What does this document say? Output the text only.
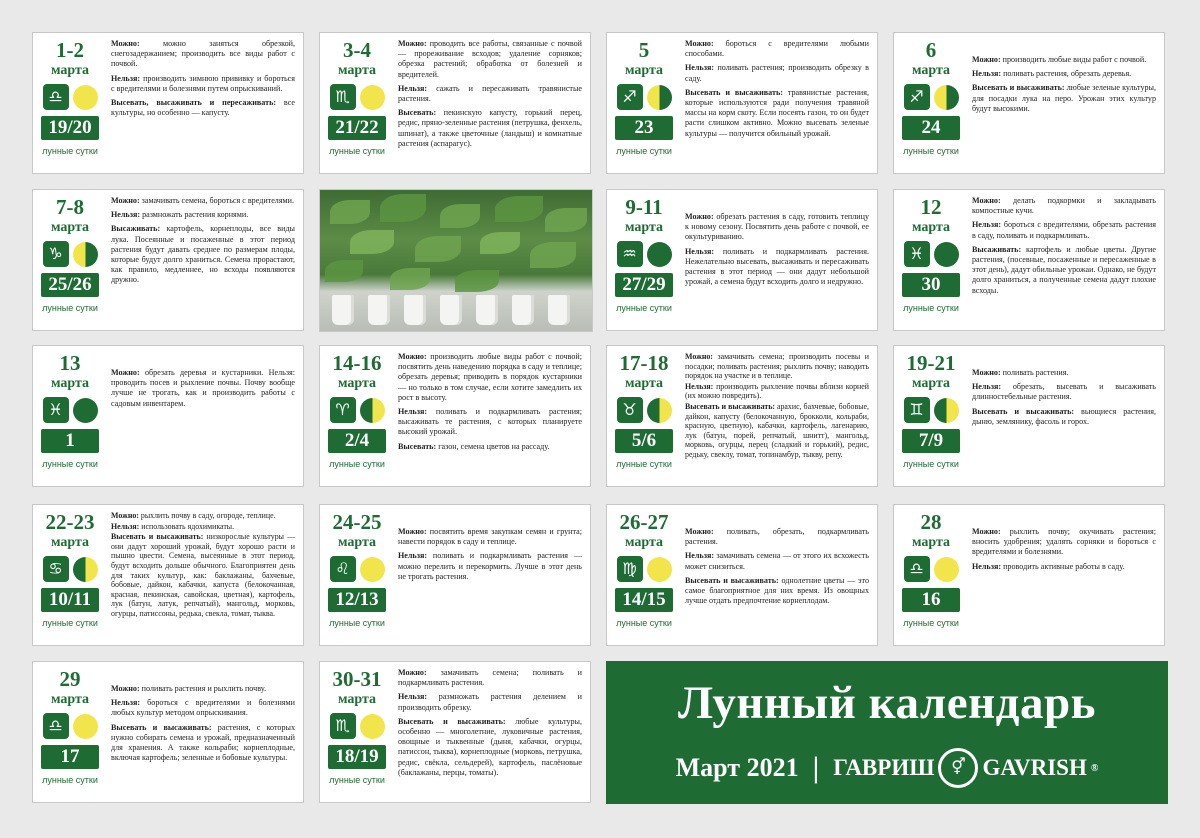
1-2
марта
♎
19/20
лунные сутки

Можно: можно заняться обрезкой, снегозадержанием; производить все виды работ с почвой.

Нельзя: производить зимнюю прививку и бороться с вредителями и болезнями путем опрыскиваний.

Высевать, высаживать и пересаживать: все культуры, но особенно — капусту.

3-4
марта
♏
21/22
лунные сутки

Можно: проводить все работы, связанные с почвой — прореживание всходов; удаление сорняков; обрезка растений; обработка от болезней и вредителей.

Нельзя: сажать и пересаживать травянистые растения.

Высевать: пекинскую капусту, горький перец, редис, пряно-зеленные растения (петрушка, фенхель, шпинат), а также цветочные (ландыш) и комнатные растения (аспарагус).

5
марта
♐
23
лунные сутки

Можно: бороться с вредителями любыми способами.

Нельзя: поливать растения; производить обрезку в саду.

Высевать и высаживать: травянистые растения, которые используются ради получения травяной массы на корм скоту. Если посеять газон, то он будет расти слишком активно. Можно высевать зеленые культуры — получится обильный урожай.

6
марта
♐
24
лунные сутки

Можно: производить любые виды работ с почвой.

Нельзя: поливать растения, обрезать деревья.

Высевать и высаживать: любые зеленые культуры, для посадки лука на перо. Урожан этих культур будут высокими.

7-8
марта
♑
25/26
лунные сутки

Можно: замачивать семена, бороться с вредителями.

Нельзя: размножать растения корнями.

Высаживать: картофель, корнеплоды, все виды лука. Посеянные и посаженные в этот период растения будут давать среднее по размерам плоды, которые будут долго храниться. Семена прорастают, как правило, медленнее, но всходы появляются дружно.

9-11
марта
♒
27/29
лунные сутки

Можно: обрезать растения в саду, готовить теплицу к новому сезону. Посвятить день работе с почвой, ее окультуриванию.

Нельзя: поливать и подкармливать растения. Нежелательно высевать, высаживать и пересаживать растения в этот период — они дадут небольшой урожай, а семена будут всходить долго и недружно.

12
марта
♓
30
лунные сутки

Можно: делать подкормки и закладывать компостные кучи.

Нельзя: бороться с вредителями, обрезать растения в саду, поливать и подкармливать.

Высаживать: картофель и любые цветы. Другие растения, (посевные, посаженные и пересаженные в этот день), дадут обильные урожаи. Однако, не будут долго храниться, а полученные семена дадут плохие всходы.

13
марта
♓
1
лунные сутки

Можно: обрезать деревья и кустарники. Нельзя: проводить посев и рыхление почвы. Почву вообще лучше не трогать, как и производить работы с садовым инвентарем.

14-16
марта
♈
2/4
лунные сутки

Можно: производить любые виды работ с почвой; посвятить день наведению порядка в саду и теплице; обрезать деревья; приводить в порядок кустарники — но только в том случае, если хотите замедлить их рост в высоту.

Нельзя: поливать и подкармливать растения; высаживать те растения, с которых планируете высокий урожай.

Высевать: газон, семена цветов на рассаду.

17-18
марта
♉
5/6
лунные сутки

Можно: замачивать семена; производить посевы и посадки; поливать растения; рыхлить почву; наводить порядок на участке и в теплице.

Нельзя: производить рыхление почвы вблизи корней (их можно повредить).

Высевать и высаживать: арахис, бахчевые, бобовые, дайкон, капусту (белокочанную, брокколи, кольраби, красную, цветную), кабачки, картофель, лагенарию, лук (батун, порей, репчатый, шнитт), мангольд, морковь, огурцы, перец (сладкий и горький), редис, редьку, свеклу, томат, топинамбур, тыкву, репу.

19-21
марта
♊
7/9
лунные сутки

Можно: поливать растения.

Нельзя: обрезать, высевать и высаживать длинностебельные растения.

Высевать и высаживать: вьющиеся растения, дыню, землянику, фасоль и горох.

22-23
марта
♋
10/11
лунные сутки

Можно: рыхлить почву в саду, огороде, теплице.

Нельзя: использовать ядохимикаты.

Высевать и высаживать: низкорослые культуры — они дадут хороший урожай, будут хорошо расти и пышно цвести. Семена, высеянные в этот период, будут всходить дольше обычного. Благоприятен день для таких культур, как: баклажаны, бахчевые, бобовые, дайкон, кабачки, капуста (белокочанная, красная, пекинская, савойская, цветная), картофель, лук (батун, латук, репчатый), мангольд, морковь, огурцы, патиссоны, редька, свекла, томат, тыква.

24-25
марта
♌
12/13
лунные сутки

Можно: посвятить время закупкам семян и грунта; навести порядок в саду и теплице.

Нельзя: поливать и подкармливать растения — можно перелить и перекормить. Лучше в этот день не трогать растения.

26-27
марта
♍
14/15
лунные сутки

Можно: поливать, обрезать, подкармливать растения.

Нельзя: замачивать семена — от этого их всхожесть может снизиться.

Высевать и высаживать: однолетние цветы — это самое благоприятное для них время. Из овощных лучше отдать предпочтение корнеплодам.

28
марта
♎
16
лунные сутки

Можно: рыхлить почву; окучивать растения; вносить удобрения; удалять сорняки и бороться с вредителями и болезнями.

Нельзя: проводить активные работы в саду.

29
марта
♎
17
лунные сутки

Можно: поливать растения и рыхлить почву.

Нельзя: бороться с вредителями и болезнями любых культур методом опрыскивания.

Высевать и высаживать: растения, с которых нужно собирать семена и урожай, предназначенный для хранения. А также кольраби; корнеплодные, включая картофель; зеленные и бобовые культуры.

30-31
марта
♏
18/19
лунные сутки

Можно: замачивать семена; поливать и подкармливать растения.

Нельзя: размножать растения делением и производить обрезку.

Высевать и высаживать: любые культуры, особенно — многолетние, луковичные растения, овощные и тыквенные (дыня, кабачки, огурцы, патиссон, тыква), корнеплодные (морковь, петрушка, редис, свёкла, сельдерей), картофель, паслёновые (баклажаны, перцы, томаты).

Лунный календарь
Март 2021 | ГАВРИШ	⚥ GAVRISH ®
